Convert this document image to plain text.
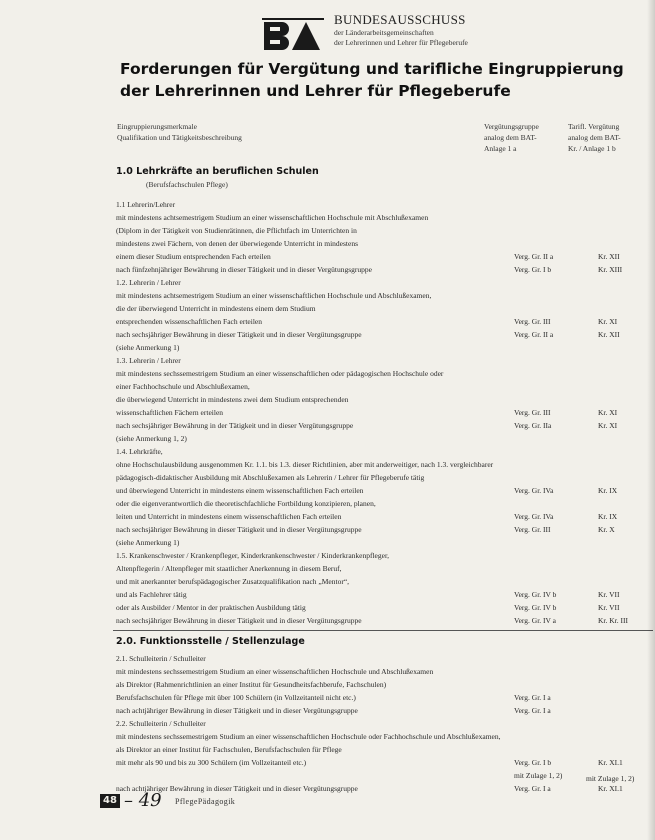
BUNDESAUSSCHUSS
der Länderarbeitsgemeinschaften
der Lehrerinnen und Lehrer für Pflegeberufe
Forderungen für Vergütung und tarifliche Eingruppierung
der Lehrerinnen und Lehrer für Pflegeberufe
Eingruppierungsmerkmale
Qualifikation und Tätigkeitsbeschreibung
Vergütungsgruppe
analog dem BAT-
Anlage 1 a
Tarifl. Vergütung
analog dem BAT-
Kr. / Anlage 1 b
1.0 Lehrkräfte an beruflichen Schulen
(Berufsfachschulen Pflege)
1.1 Lehrerin/Lehrer
mit mindestens achtsemestrigem Studium an einer wissenschaftlichen Hochschule mit Abschlußexamen
(Diplom in der Tätigkeit von Studienrätinnen, die Pflichtfach im Unterrichten in
mindestens zwei Fächern, von denen der überwiegende Unterricht in mindestens
einem dieser Studium entsprechenden Fach erteilen	Verg. Gr. II a	Kr. XII
nach fünfzehnjähriger Bewährung in dieser Tätigkeit und in dieser Vergütungsgruppe	Verg. Gr. I b	Kr. XIII
1.2. Lehrerin / Lehrer
mit mindestens achtsemestrigem Studium an einer wissenschaftlichen Hochschule und Abschlußexamen,
die der überwiegend Unterricht in mindestens einem dem Studium
entsprechenden wissenschaftlichen Fach erteilen	Verg. Gr. III	Kr. XI
nach sechsjähriger Bewährung in dieser Tätigkeit und in dieser Vergütungsgruppe	Verg. Gr. II a	Kr. XII
(siehe Anmerkung 1)
1.3. Lehrerin / Lehrer
mit mindestens sechssemestrigem Studium an einer wissenschaftlichen oder pädagogischen Hochschule oder
einer Fachhochschule und Abschlußexamen,
die überwiegend Unterricht in mindestens zwei dem Studium entsprechenden
wissenschaftlichen Fächern erteilen	Verg. Gr. III	Kr. XI
nach sechsjähriger Bewährung in der Tätigkeit und in dieser Vergütungsgruppe	Verg. Gr. IIa	Kr. XI
(siehe Anmerkung 1, 2)
1.4. Lehrkräfte,
ohne Hochschulausbildung ausgenommen Kr. 1.1. bis 1.3. dieser Richtlinien, aber mit anderweitiger, nach 1.3. vergleichbarer
pädagogisch-didaktischer Ausbildung mit Abschlußexamen als Lehrerin / Lehrer für Pflegeberufe tätig
und überwiegend Unterricht in mindestens einem wissenschaftlichen Fach erteilen	Verg. Gr. IVa	Kr. IX
oder die eigenverantwortlich die theoretischfachliche Fortbildung konzipieren, planen,
leiten und Unterricht in mindestens einem wissenschaftlichen Fach erteilen	Verg. Gr. IVa	Kr. IX
nach sechsjähriger Bewährung in dieser Tätigkeit und in dieser Vergütungsgruppe	Verg. Gr. III	Kr. X
(siehe Anmerkung 1)
1.5. Krankenschwester / Krankenpfleger, Kinderkrankenschwester / Kinderkrankenpfleger,
Altenpflegerin / Altenpfleger mit staatlicher Anerkennung in diesem Beruf,
und mit anerkannter berufspädagogischer Zusatzqualifikation nach „Mentor“,
und als Fachlehrer tätig	Verg. Gr. IV b	Kr. VII
oder als Ausbilder / Mentor in der praktischen Ausbildung tätig	Verg. Gr. IV b	Kr. VII
nach sechsjähriger Bewährung in dieser Tätigkeit und in dieser Vergütungsgruppe	Verg. Gr. IV a	Kr. Kr. III
2.0. Funktionsstelle / Stellenzulage
2.1. Schulleiterin / Schulleiter
mit mindestens sechssemestrigem Studium an einer wissenschaftlichen Hochschule und Abschlußexamen
als Direktor (Rahmenrichtlinien an einer Institut für Gesundheitsfachberufe, Fachschulen)
Berufsfachschulen für Pflege mit über 100 Schülern (in Vollzeitanteil nicht etc.)	Verg. Gr. I a
nach achtjähriger Bewährung in dieser Tätigkeit und in dieser Vergütungsgruppe	Verg. Gr. I a
2.2. Schulleiterin / Schulleiter
mit mindestens sechssemestrigem Studium an einer wissenschaftlichen Hochschule oder Fachhochschule und Abschlußexamen,
als Direktor an einer Institut für Fachschulen, Berufsfachschulen für Pflege
mit mehr als 90 und bis zu 300 Schülern (im Vollzeitanteil etc.)	Verg. Gr. I b	Kr. XI.1
mit Zulage 1, 2)
nach achtjähriger Bewährung in dieser Tätigkeit und in dieser Vergütungsgruppe	Verg. Gr. I a	Kr. XI.1
mit Zulage 1, 2)
48 – 49 PflegePädagogik
